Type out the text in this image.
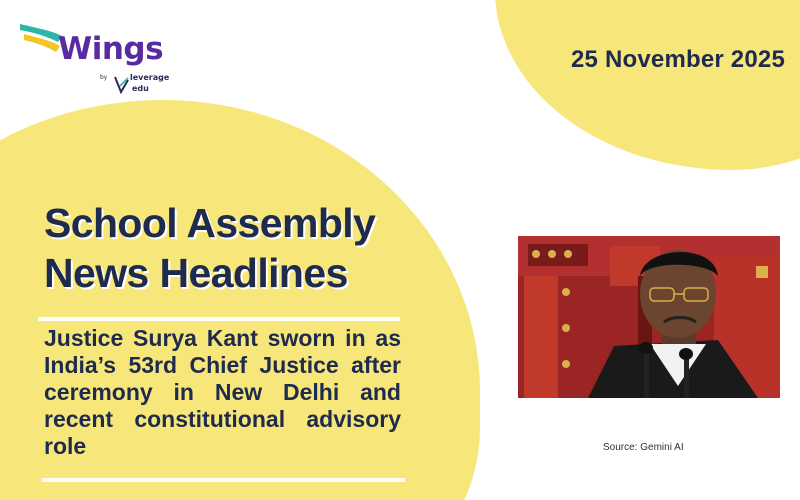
Wings
by	leverage
edu
25 November 2025
School Assembly
News Headlines
Justice Surya Kant sworn in as India’s 53rd Chief Justice after ceremony in New Delhi and recent constitutional advisory role	Source: Gemini AI
